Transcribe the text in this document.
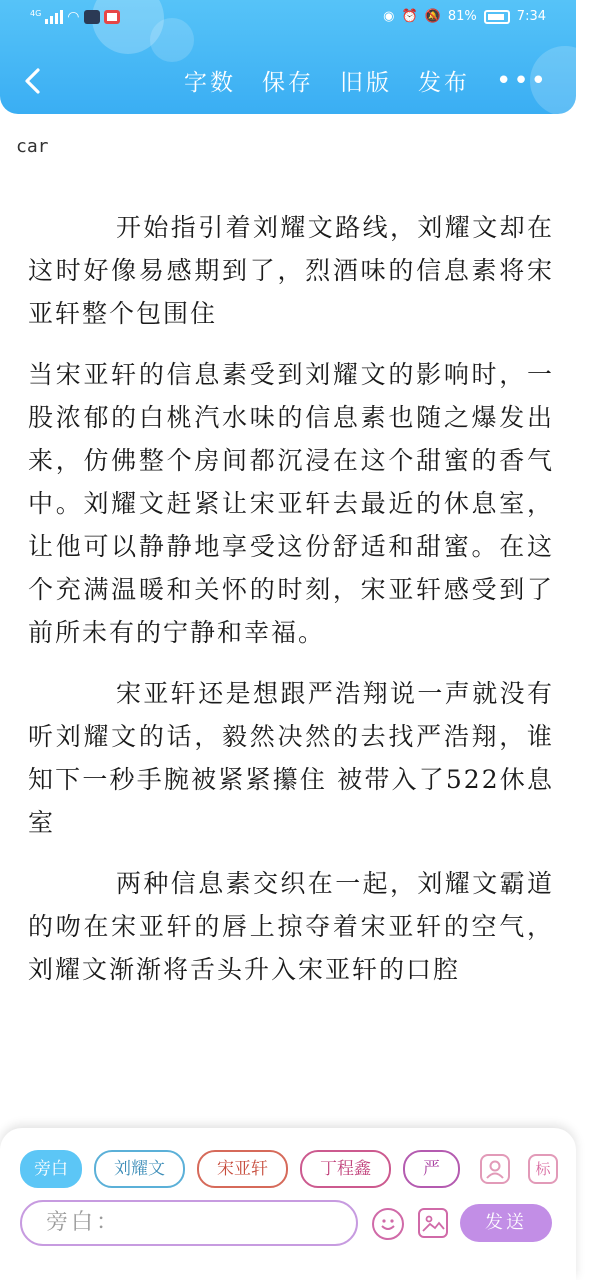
4G ◠	◉ ⏰ 🔕 81%	7:34
字数 保存 旧版 发布 •••
car

开始指引着刘耀文路线，刘耀文却在这时好像易感期到了，烈酒味的信息素将宋亚轩整个包围住

当宋亚轩的信息素受到刘耀文的影响时，一股浓郁的白桃汽水味的信息素也随之爆发出来，仿佛整个房间都沉浸在这个甜蜜的香气中。刘耀文赶紧让宋亚轩去最近的休息室，让他可以静静地享受这份舒适和甜蜜。在这个充满温暖和关怀的时刻，宋亚轩感受到了前所未有的宁静和幸福。

宋亚轩还是想跟严浩翔说一声就没有听刘耀文的话，毅然决然的去找严浩翔，谁知下一秒手腕被紧紧攥住 被带入了522休息室

两种信息素交织在一起，刘耀文霸道的吻在宋亚轩的唇上掠夺着宋亚轩的空气，刘耀文渐渐将舌头升入宋亚轩的口腔

旁白	刘耀文	宋亚轩	丁程鑫	严	标
旁白：	发送
